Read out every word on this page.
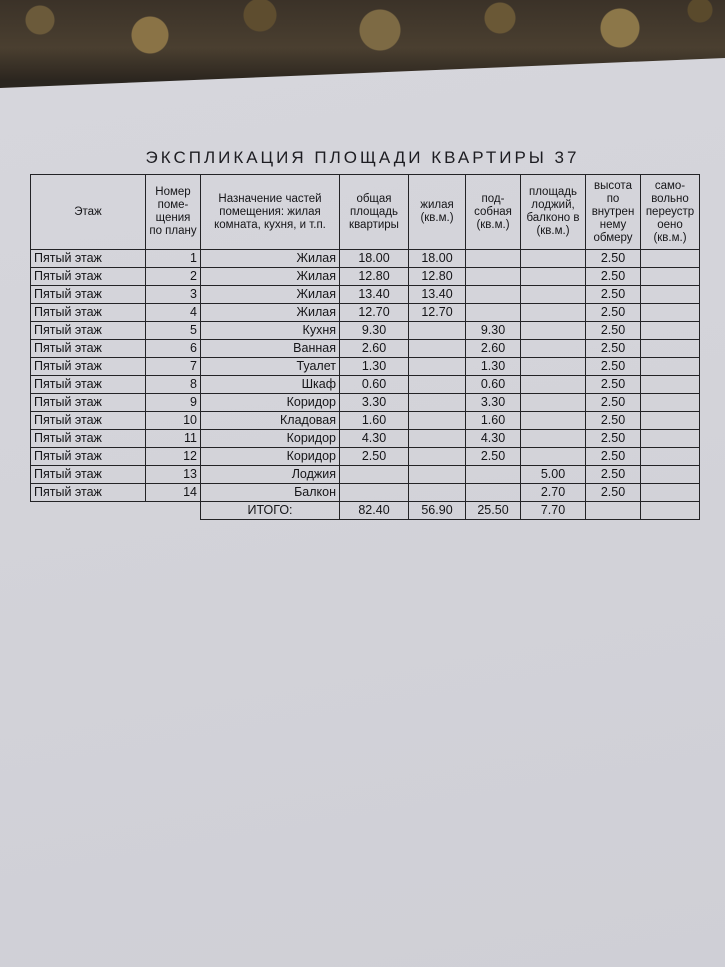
ЭКСПЛИКАЦИЯ ПЛОЩАДИ КВАРТИРЫ 37
Этаж	Номер поме-щения по плану	Назначение частей помещения: жилая комната, кухня, и т.п.	общая площадь квартиры	жилая (кв.м.)	под-собная (кв.м.)	площадь лоджий, балконо в (кв.м.)	высота по внутрен нему обмеру	само-вольно переустр оено (кв.м.)
Пятый этаж	1	Жилая	18.00	18.00			2.50	
Пятый этаж	2	Жилая	12.80	12.80			2.50	
Пятый этаж	3	Жилая	13.40	13.40			2.50	
Пятый этаж	4	Жилая	12.70	12.70			2.50	
Пятый этаж	5	Кухня	9.30		9.30		2.50	
Пятый этаж	6	Ванная	2.60		2.60		2.50	
Пятый этаж	7	Туалет	1.30		1.30		2.50	
Пятый этаж	8	Шкаф	0.60		0.60		2.50	
Пятый этаж	9	Коридор	3.30		3.30		2.50	
Пятый этаж	10	Кладовая	1.60		1.60		2.50	
Пятый этаж	11	Коридор	4.30		4.30		2.50	
Пятый этаж	12	Коридор	2.50		2.50		2.50	
Пятый этаж	13	Лоджия				5.00	2.50	
Пятый этаж	14	Балкон				2.70	2.50	
		ИТОГО:	82.40	56.90	25.50	7.70		
